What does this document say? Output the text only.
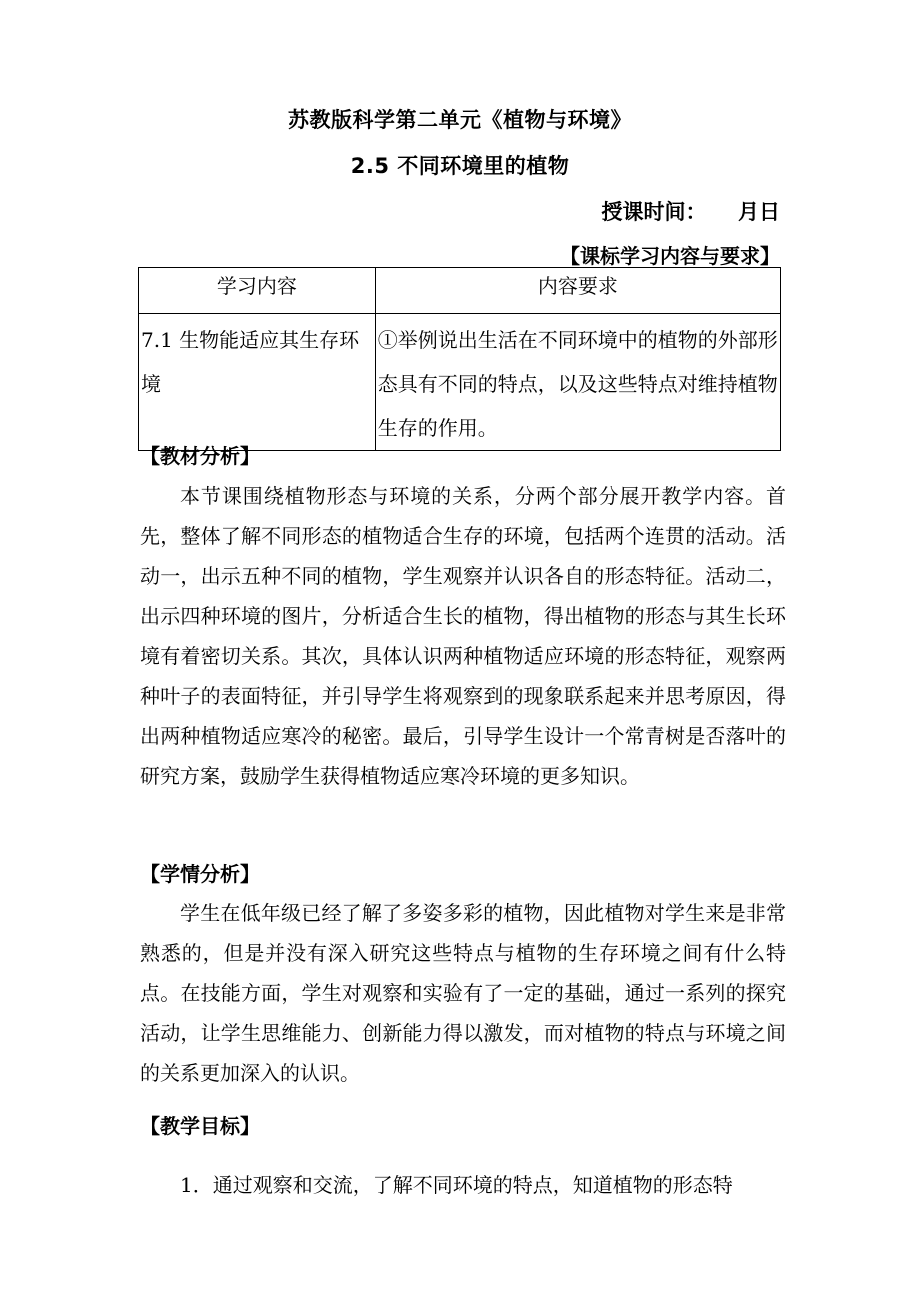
苏教版科学第二单元《植物与环境》
2.5 不同环境里的植物
授课时间：　　月日
【课标学习内容与要求】
学习内容	内容要求
7.1 生物能适应其生存环境	①举例说出生活在不同环境中的植物的外部形态具有不同的特点，以及这些特点对维持植物生存的作用。
【教材分析】
本节课围绕植物形态与环境的关系，分两个部分展开教学内容。首先，整体了解不同形态的植物适合生存的环境，包括两个连贯的活动。活动一，出示五种不同的植物，学生观察并认识各自的形态特征。活动二，出示四种环境的图片，分析适合生长的植物，得出植物的形态与其生长环境有着密切关系。其次，具体认识两种植物适应环境的形态特征，观察两种叶子的表面特征，并引导学生将观察到的现象联系起来并思考原因，得出两种植物适应寒冷的秘密。最后，引导学生设计一个常青树是否落叶的研究方案，鼓励学生获得植物适应寒冷环境的更多知识。
【学情分析】
学生在低年级已经了解了多姿多彩的植物，因此植物对学生来是非常熟悉的，但是并没有深入研究这些特点与植物的生存环境之间有什么特点。在技能方面，学生对观察和实验有了一定的基础，通过一系列的探究活动，让学生思维能力、创新能力得以激发，而对植物的特点与环境之间的关系更加深入的认识。
【教学目标】
1．通过观察和交流，了解不同环境的特点，知道植物的形态特
